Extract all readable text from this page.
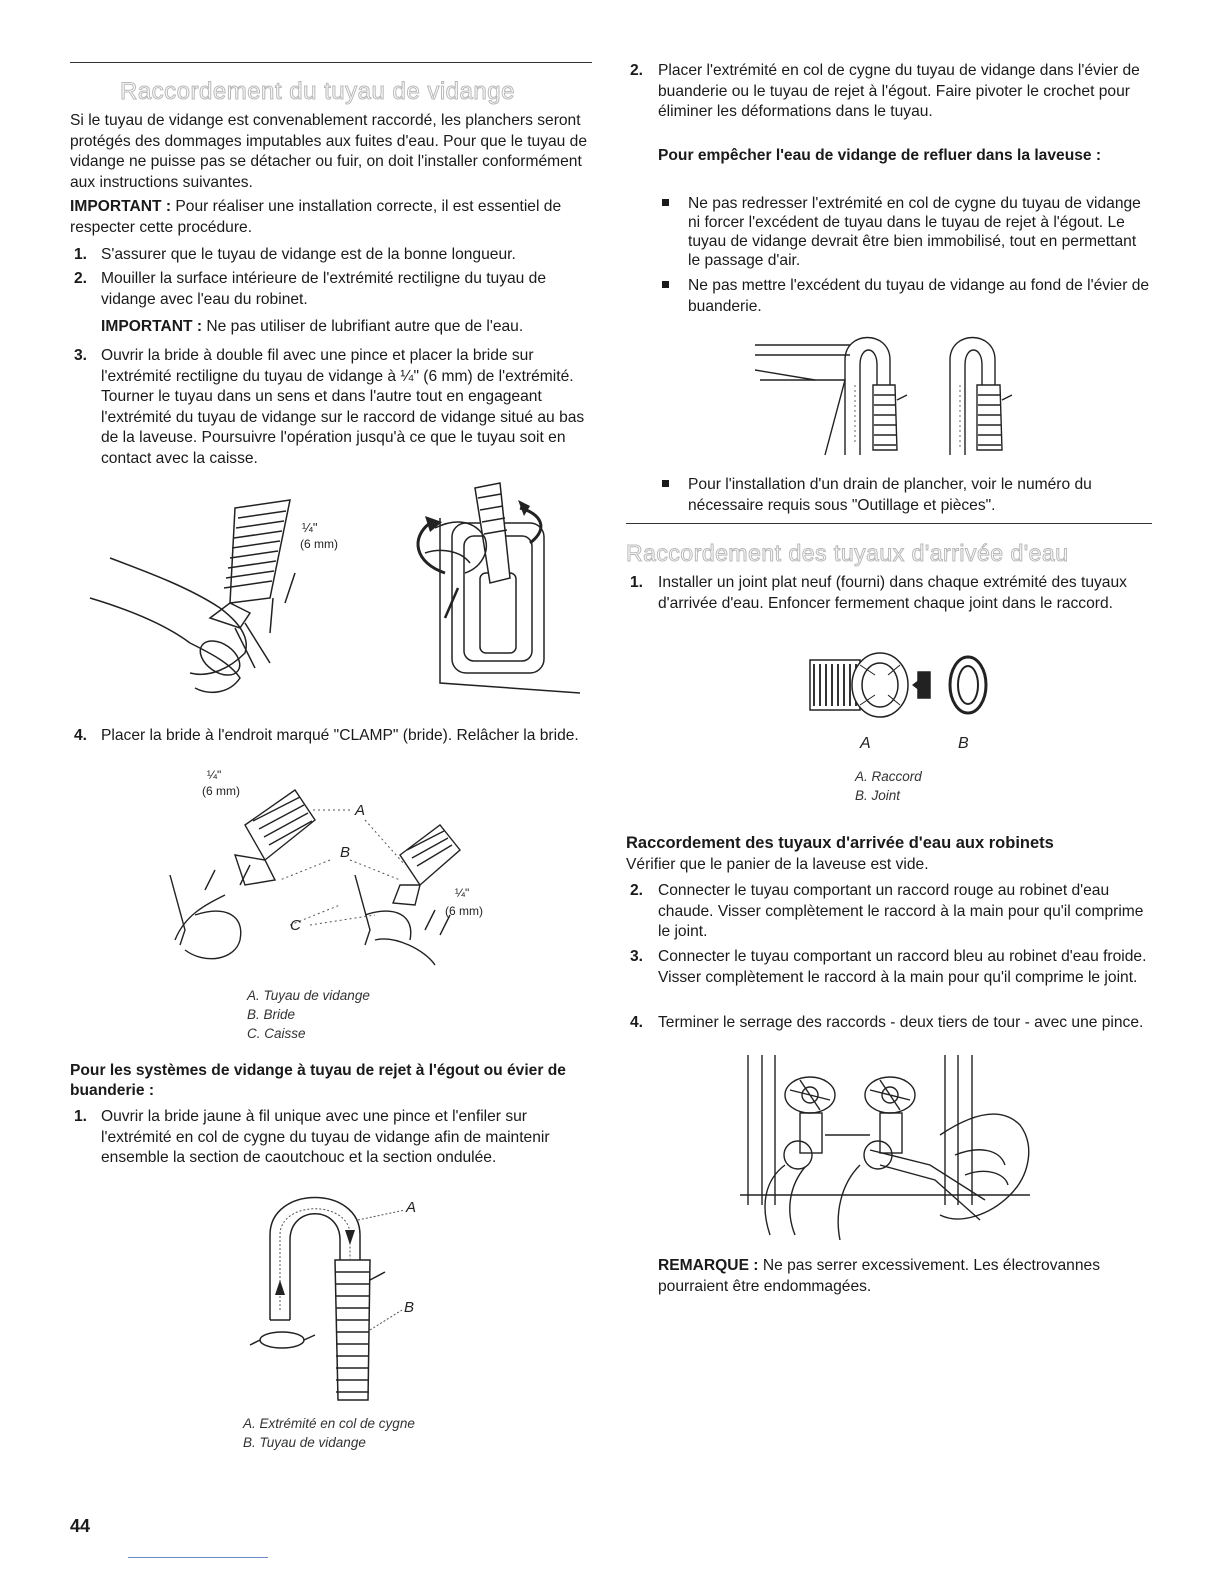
Raccordement du tuyau de vidange
Si le tuyau de vidange est convenablement raccordé, les planchers seront protégés des dommages imputables aux fuites d'eau. Pour que le tuyau de vidange ne puisse pas se détacher ou fuir, on doit l'installer conformément aux instructions suivantes.
IMPORTANT : Pour réaliser une installation correcte, il est essentiel de respecter cette procédure.
1. S'assurer que le tuyau de vidange est de la bonne longueur.
2. Mouiller la surface intérieure de l'extrémité rectiligne du tuyau de vidange avec l'eau du robinet.
IMPORTANT : Ne pas utiliser de lubrifiant autre que de l'eau.
3. Ouvrir la bride à double fil avec une pince et placer la bride sur l'extrémité rectiligne du tuyau de vidange à ¼" (6 mm) de l'extrémité. Tourner le tuyau dans un sens et dans l'autre tout en engageant l'extrémité du tuyau de vidange sur le raccord de vidange situé au bas de la laveuse. Poursuivre l'opération jusqu'à ce que le tuyau soit en contact avec la caisse.
¼"
(6 mm)
4. Placer la bride à l'endroit marqué "CLAMP" (bride). Relâcher la bride.
¼"
(6 mm)
A
B
C
¼"
(6 mm)
A. Tuyau de vidange
B. Bride
C. Caisse
Pour les systèmes de vidange à tuyau de rejet à l'égout ou évier de buanderie :
1. Ouvrir la bride jaune à fil unique avec une pince et l'enfiler sur l'extrémité en col de cygne du tuyau de vidange afin de maintenir ensemble la section de caoutchouc et la section ondulée.
A
B
A. Extrémité en col de cygne
B. Tuyau de vidange
44
2. Placer l'extrémité en col de cygne du tuyau de vidange dans l'évier de buanderie ou le tuyau de rejet à l'égout. Faire pivoter le crochet pour éliminer les déformations dans le tuyau.
Pour empêcher l'eau de vidange de refluer dans la laveuse :
Ne pas redresser l'extrémité en col de cygne du tuyau de vidange ni forcer l'excédent de tuyau dans le tuyau de rejet à l'égout. Le tuyau de vidange devrait être bien immobilisé, tout en permettant le passage d'air.
Ne pas mettre l'excédent du tuyau de vidange au fond de l'évier de buanderie.
Pour l'installation d'un drain de plancher, voir le numéro du nécessaire requis sous "Outillage et pièces".
Raccordement des tuyaux d'arrivée d'eau
1. Installer un joint plat neuf (fourni) dans chaque extrémité des tuyaux d'arrivée d'eau. Enfoncer fermement chaque joint dans le raccord.
A	B
A. Raccord
B. Joint
Raccordement des tuyaux d'arrivée d'eau aux robinets
Vérifier que le panier de la laveuse est vide.
2. Connecter le tuyau comportant un raccord rouge au robinet d'eau chaude. Visser complètement le raccord à la main pour qu'il comprime le joint.
3. Connecter le tuyau comportant un raccord bleu au robinet d'eau froide. Visser complètement le raccord à la main pour qu'il comprime le joint.
4. Terminer le serrage des raccords - deux tiers de tour - avec une pince.
REMARQUE : Ne pas serrer excessivement. Les électrovannes pourraient être endommagées.
